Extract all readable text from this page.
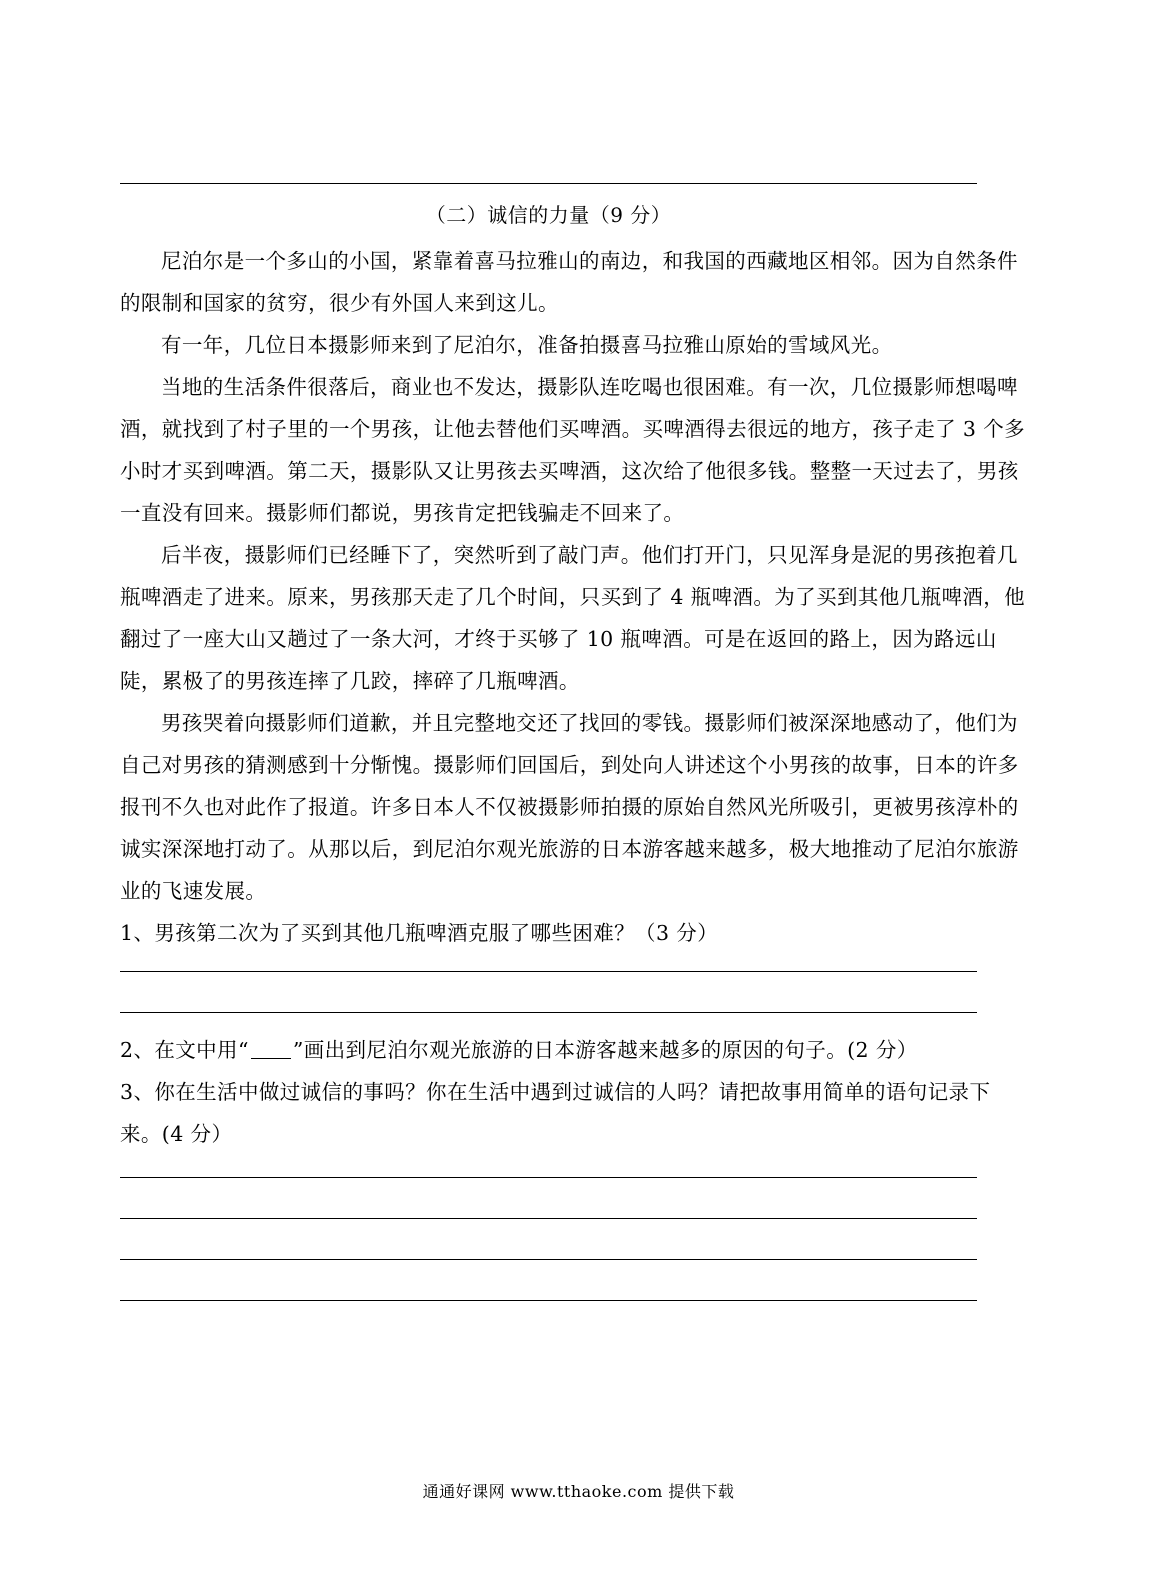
（二）诚信的力量（9 分）

尼泊尔是一个多山的小国，紧靠着喜马拉雅山的南边，和我国的西藏地区相邻。因为自然条件的限制和国家的贫穷，很少有外国人来到这儿。

有一年，几位日本摄影师来到了尼泊尔，准备拍摄喜马拉雅山原始的雪域风光。

当地的生活条件很落后，商业也不发达，摄影队连吃喝也很困难。有一次，几位摄影师想喝啤酒，就找到了村子里的一个男孩，让他去替他们买啤酒。买啤酒得去很远的地方，孩子走了 3 个多小时才买到啤酒。第二天，摄影队又让男孩去买啤酒，这次给了他很多钱。整整一天过去了，男孩一直没有回来。摄影师们都说，男孩肯定把钱骗走不回来了。

后半夜，摄影师们已经睡下了，突然听到了敲门声。他们打开门，只见浑身是泥的男孩抱着几瓶啤酒走了进来。原来，男孩那天走了几个时间，只买到了 4 瓶啤酒。为了买到其他几瓶啤酒，他翻过了一座大山又趟过了一条大河，才终于买够了 10 瓶啤酒。可是在返回的路上，因为路远山陡，累极了的男孩连摔了几跤，摔碎了几瓶啤酒。

男孩哭着向摄影师们道歉，并且完整地交还了找回的零钱。摄影师们被深深地感动了，他们为自己对男孩的猜测感到十分惭愧。摄影师们回国后，到处向人讲述这个小男孩的故事，日本的许多报刊不久也对此作了报道。许多日本人不仅被摄影师拍摄的原始自然风光所吸引，更被男孩淳朴的诚实深深地打动了。从那以后，到尼泊尔观光旅游的日本游客越来越多，极大地推动了尼泊尔旅游业的飞速发展。

1、男孩第二次为了买到其他几瓶啤酒克服了哪些困难？（3 分）

2、在文中用“ ”画出到尼泊尔观光旅游的日本游客越来越多的原因的句子。(2 分）

3、你在生活中做过诚信的事吗？你在生活中遇到过诚信的人吗？请把故事用简单的语句记录下来。(4 分）

通通好课网 www.tthaoke.com 提供下载
